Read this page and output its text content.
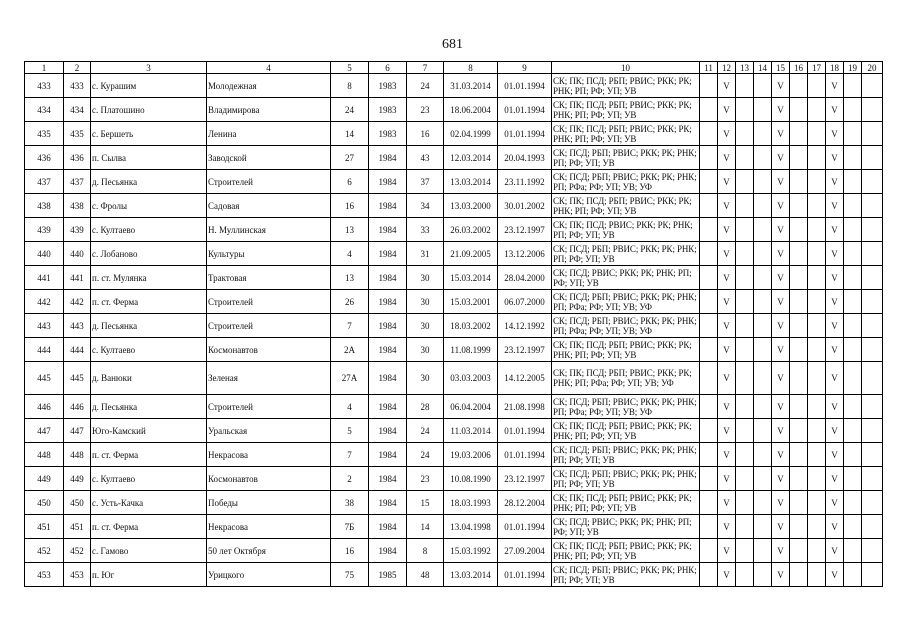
681
1	2	3	4	5	6	7	8	9	10	11	12	13	14	15	16	17	18	19	20
433	433	с. Курашим	Молодежная	8	1983	24	31.03.2014	01.01.1994	СК; ПК; ПСД; РБП; РВИС; РКК; РК; РНК; РП; РФ; УП; УВ		V			V			V		
434	434	с. Платошино	Владимирова	24	1983	23	18.06.2004	01.01.1994	СК; ПК; ПСД; РБП; РВИС; РКК; РК; РНК; РП; РФ; УП; УВ		V			V			V		
435	435	с. Бершеть	Ленина	14	1983	16	02.04.1999	01.01.1994	СК; ПК; ПСД; РБП; РВИС; РКК; РК; РНК; РП; РФ; УП; УВ		V			V			V		
436	436	п. Сылва	Заводской	27	1984	43	12.03.2014	20.04.1993	СК; ПСД; РБП; РВИС; РКК; РК; РНК; РП; РФ; УП; УВ		V			V			V		
437	437	д. Песьянка	Строителей	6	1984	37	13.03.2014	23.11.1992	СК; ПСД; РБП; РВИС; РКК; РК; РНК; РП; РФа; РФ; УП; УВ; УФ		V			V			V		
438	438	с. Фролы	Садовая	16	1984	34	13.03.2000	30.01.2002	СК; ПК; ПСД; РБП; РВИС; РКК; РК; РНК; РП; РФ; УП; УВ		V			V			V		
439	439	с. Култаево	Н. Муллинская	13	1984	33	26.03.2002	23.12.1997	СК; ПК; ПСД; РВИС; РКК; РК; РНК; РП; РФ; УП; УВ		V			V			V		
440	440	с. Лобаново	Культуры	4	1984	31	21.09.2005	13.12.2006	СК; ПСД; РБП; РВИС; РКК; РК; РНК; РП; РФ; УП; УВ		V			V			V		
441	441	п. ст. Мулянка	Трактовая	13	1984	30	15.03.2014	28.04.2000	СК; ПСД; РВИС; РКК; РК; РНК; РП; РФ; УП; УВ		V			V			V		
442	442	п. ст. Ферма	Строителей	26	1984	30	15.03.2001	06.07.2000	СК; ПСД; РБП; РВИС; РКК; РК; РНК; РП; РФа; РФ; УП; УВ; УФ		V			V			V		
443	443	д. Песьянка	Строителей	7	1984	30	18.03.2002	14.12.1992	СК; ПСД; РБП; РВИС; РКК; РК; РНК; РП; РФа; РФ; УП; УВ; УФ		V			V			V		
444	444	с. Култаево	Космонавтов	2А	1984	30	11.08.1999	23.12.1997	СК; ПК; ПСД; РБП; РВИС; РКК; РК; РНК; РП; РФ; УП; УВ		V			V			V		
445	445	д. Ванюки	Зеленая	27А	1984	30	03.03.2003	14.12.2005	СК; ПК; ПСД; РБП; РВИС; РКК; РК; РНК; РП; РФа; РФ; УП; УВ; УФ		V			V			V		
446	446	д. Песьянка	Строителей	4	1984	28	06.04.2004	21.08.1998	СК; ПСД; РБП; РВИС; РКК; РК; РНК; РП; РФа; РФ; УП; УВ; УФ		V			V			V		
447	447	Юго-Камский	Уральская	5	1984	24	11.03.2014	01.01.1994	СК; ПК; ПСД; РБП; РВИС; РКК; РК; РНК; РП; РФ; УП; УВ		V			V			V		
448	448	п. ст. Ферма	Некрасова	7	1984	24	19.03.2006	01.01.1994	СК; ПСД; РБП; РВИС; РКК; РК; РНК; РП; РФ; УП; УВ		V			V			V		
449	449	с. Култаево	Космонавтов	2	1984	23	10.08.1990	23.12.1997	СК; ПСД; РБП; РВИС; РКК; РК; РНК; РП; РФ; УП; УВ		V			V			V		
450	450	с. Усть-Качка	Победы	38	1984	15	18.03.1993	28.12.2004	СК; ПК; ПСД; РБП; РВИС; РКК; РК; РНК; РП; РФ; УП; УВ		V			V			V		
451	451	п. ст. Ферма	Некрасова	7Б	1984	14	13.04.1998	01.01.1994	СК; ПСД; РВИС; РКК; РК; РНК; РП; РФ; УП; УВ		V			V			V		
452	452	с. Гамово	50 лет Октября	16	1984	8	15.03.1992	27.09.2004	СК; ПК; ПСД; РБП; РВИС; РКК; РК; РНК; РП; РФ; УП; УВ		V			V			V		
453	453	п. Юг	Урицкого	75	1985	48	13.03.2014	01.01.1994	СК; ПСД; РБП; РВИС; РКК; РК; РНК; РП; РФ; УП; УВ		V			V			V		
